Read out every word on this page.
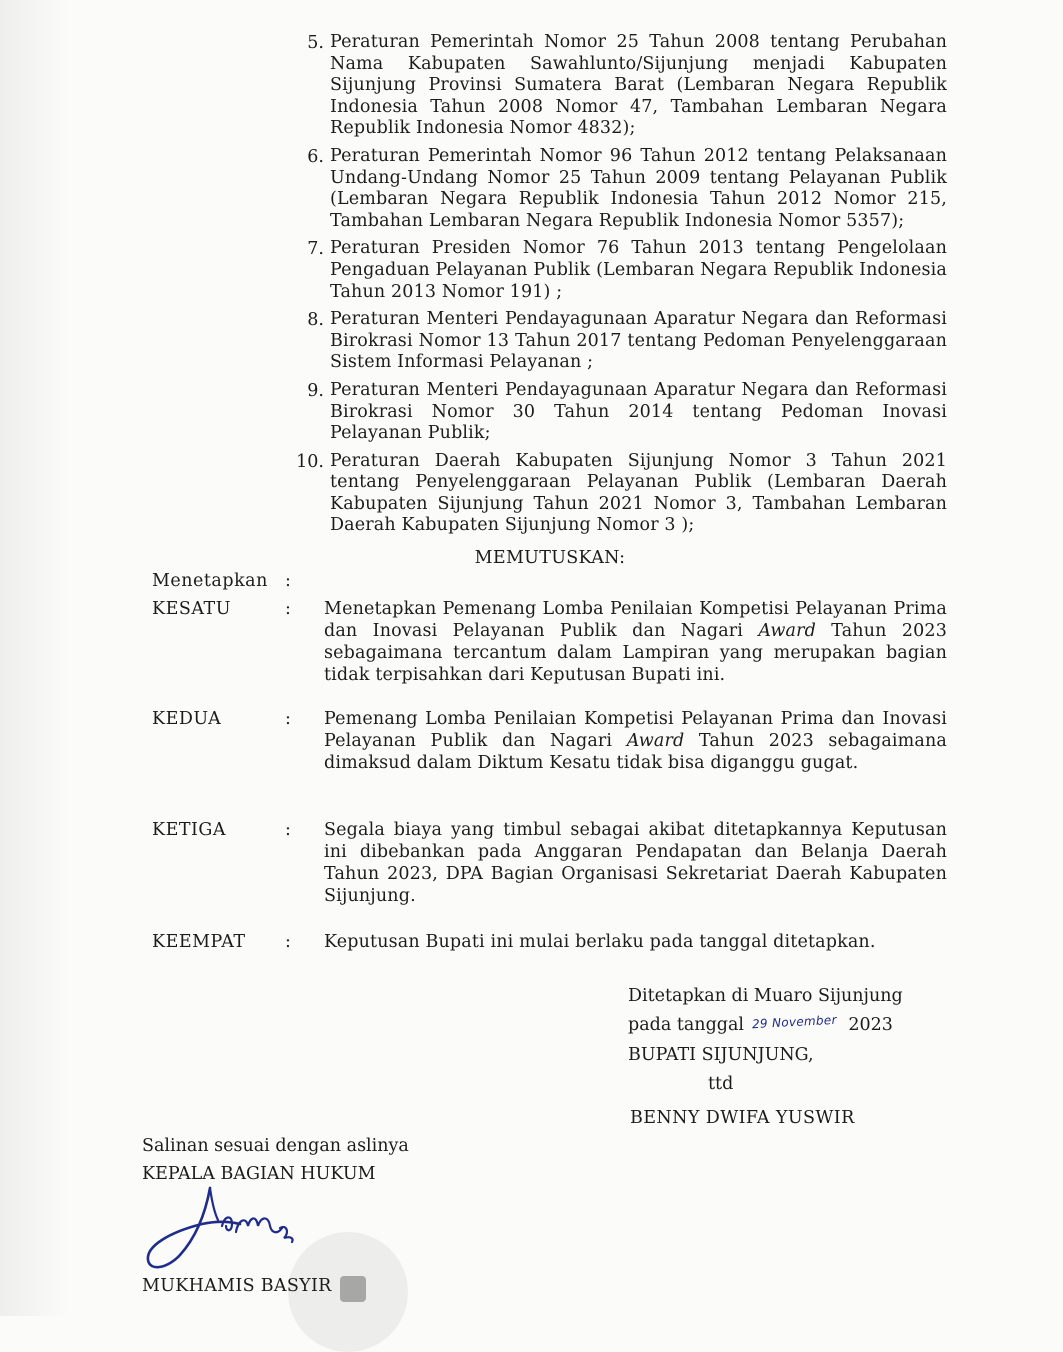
5. Peraturan Pemerintah Nomor 25 Tahun 2008 tentang Perubahan Nama Kabupaten Sawahlunto/Sijunjung menjadi Kabupaten Sijunjung Provinsi Sumatera Barat (Lembaran Negara Republik Indonesia Tahun 2008 Nomor 47, Tambahan Lembaran Negara Republik Indonesia Nomor 4832);
6. Peraturan Pemerintah Nomor 96 Tahun 2012 tentang Pelaksanaan Undang-Undang Nomor 25 Tahun 2009 tentang Pelayanan Publik (Lembaran Negara Republik Indonesia Tahun 2012 Nomor 215, Tambahan Lembaran Negara Republik Indonesia Nomor 5357);
7. Peraturan Presiden Nomor 76 Tahun 2013 tentang Pengelolaan Pengaduan Pelayanan Publik (Lembaran Negara Republik Indonesia Tahun 2013 Nomor 191) ;
8. Peraturan Menteri Pendayagunaan Aparatur Negara dan Reformasi Birokrasi Nomor 13 Tahun 2017 tentang Pedoman Penyelenggaraan Sistem Informasi Pelayanan ;
9. Peraturan Menteri Pendayagunaan Aparatur Negara dan Reformasi Birokrasi Nomor 30 Tahun 2014 tentang Pedoman Inovasi Pelayanan Publik;
10. Peraturan Daerah Kabupaten Sijunjung Nomor 3 Tahun 2021 tentang Penyelenggaraan Pelayanan Publik (Lembaran Daerah Kabupaten Sijunjung Tahun 2021 Nomor 3, Tambahan Lembaran Daerah Kabupaten Sijunjung Nomor 3 );
MEMUTUSKAN:
Menetapkan :
KESATU	: Menetapkan Pemenang Lomba Penilaian Kompetisi Pelayanan Prima dan Inovasi Pelayanan Publik dan Nagari Award Tahun 2023 sebagaimana tercantum dalam Lampiran yang merupakan bagian tidak terpisahkan dari Keputusan Bupati ini.
KEDUA	: Pemenang Lomba Penilaian Kompetisi Pelayanan Prima dan Inovasi Pelayanan Publik dan Nagari Award Tahun 2023 sebagaimana dimaksud dalam Diktum Kesatu tidak bisa diganggu gugat.
KETIGA	: Segala biaya yang timbul sebagai akibat ditetapkannya Keputusan ini dibebankan pada Anggaran Pendapatan dan Belanja Daerah Tahun 2023, DPA Bagian Organisasi Sekretariat Daerah Kabupaten Sijunjung.
KEEMPAT : Keputusan Bupati ini mulai berlaku pada tanggal ditetapkan.
Ditetapkan di Muaro Sijunjung
pada tanggal 29 November 2023
BUPATI SIJUNJUNG,
ttd
BENNY DWIFA YUSWIR
Salinan sesuai dengan aslinya
KEPALA BAGIAN HUKUM
MUKHAMIS BASYIR
